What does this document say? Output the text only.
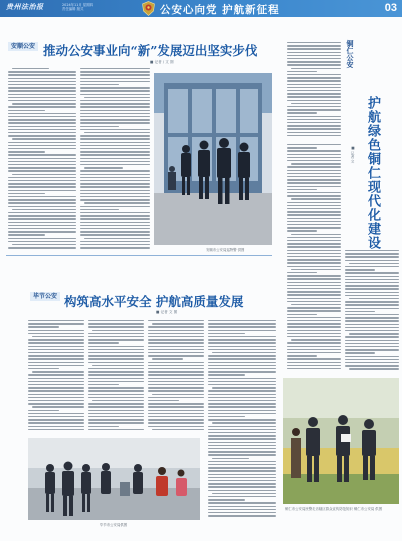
贵州法治报	2024年11月 星期四
责任编辑 版式	公安心向党 护航新征程	03
安顺公安 推动公安事业向“新”发展迈出坚实步伐
■ 记者 / 文 图
安顺市公安局巡特警 供图
毕节公安 构筑高水平安全 护航高质量发展
■ 记者 文 图
毕节市公安局供图
铜仁公安
护航绿色铜仁现代化建设
■ 记者 文
铜仁市公安局民警走访辖区群众宣传防范知识 铜仁市公安局 供图
